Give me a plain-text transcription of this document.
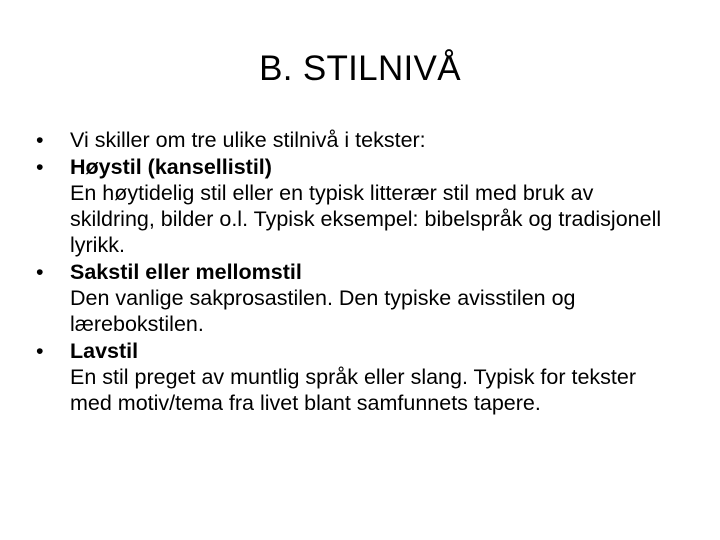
B. STILNIVÅ
•	Vi skiller om tre ulike stilnivå i tekster:
•	Høystil (kansellistil)
En høytidelig stil eller en typisk litterær stil med bruk av skildring, bilder o.l. Typisk eksempel: bibelspråk og tradisjonell lyrikk.
•	Sakstil eller mellomstil
Den vanlige sakprosastilen. Den typiske avisstilen og lærebokstilen.
•	Lavstil
En stil preget av muntlig språk eller slang. Typisk for tekster med motiv/tema fra livet blant samfunnets tapere.
